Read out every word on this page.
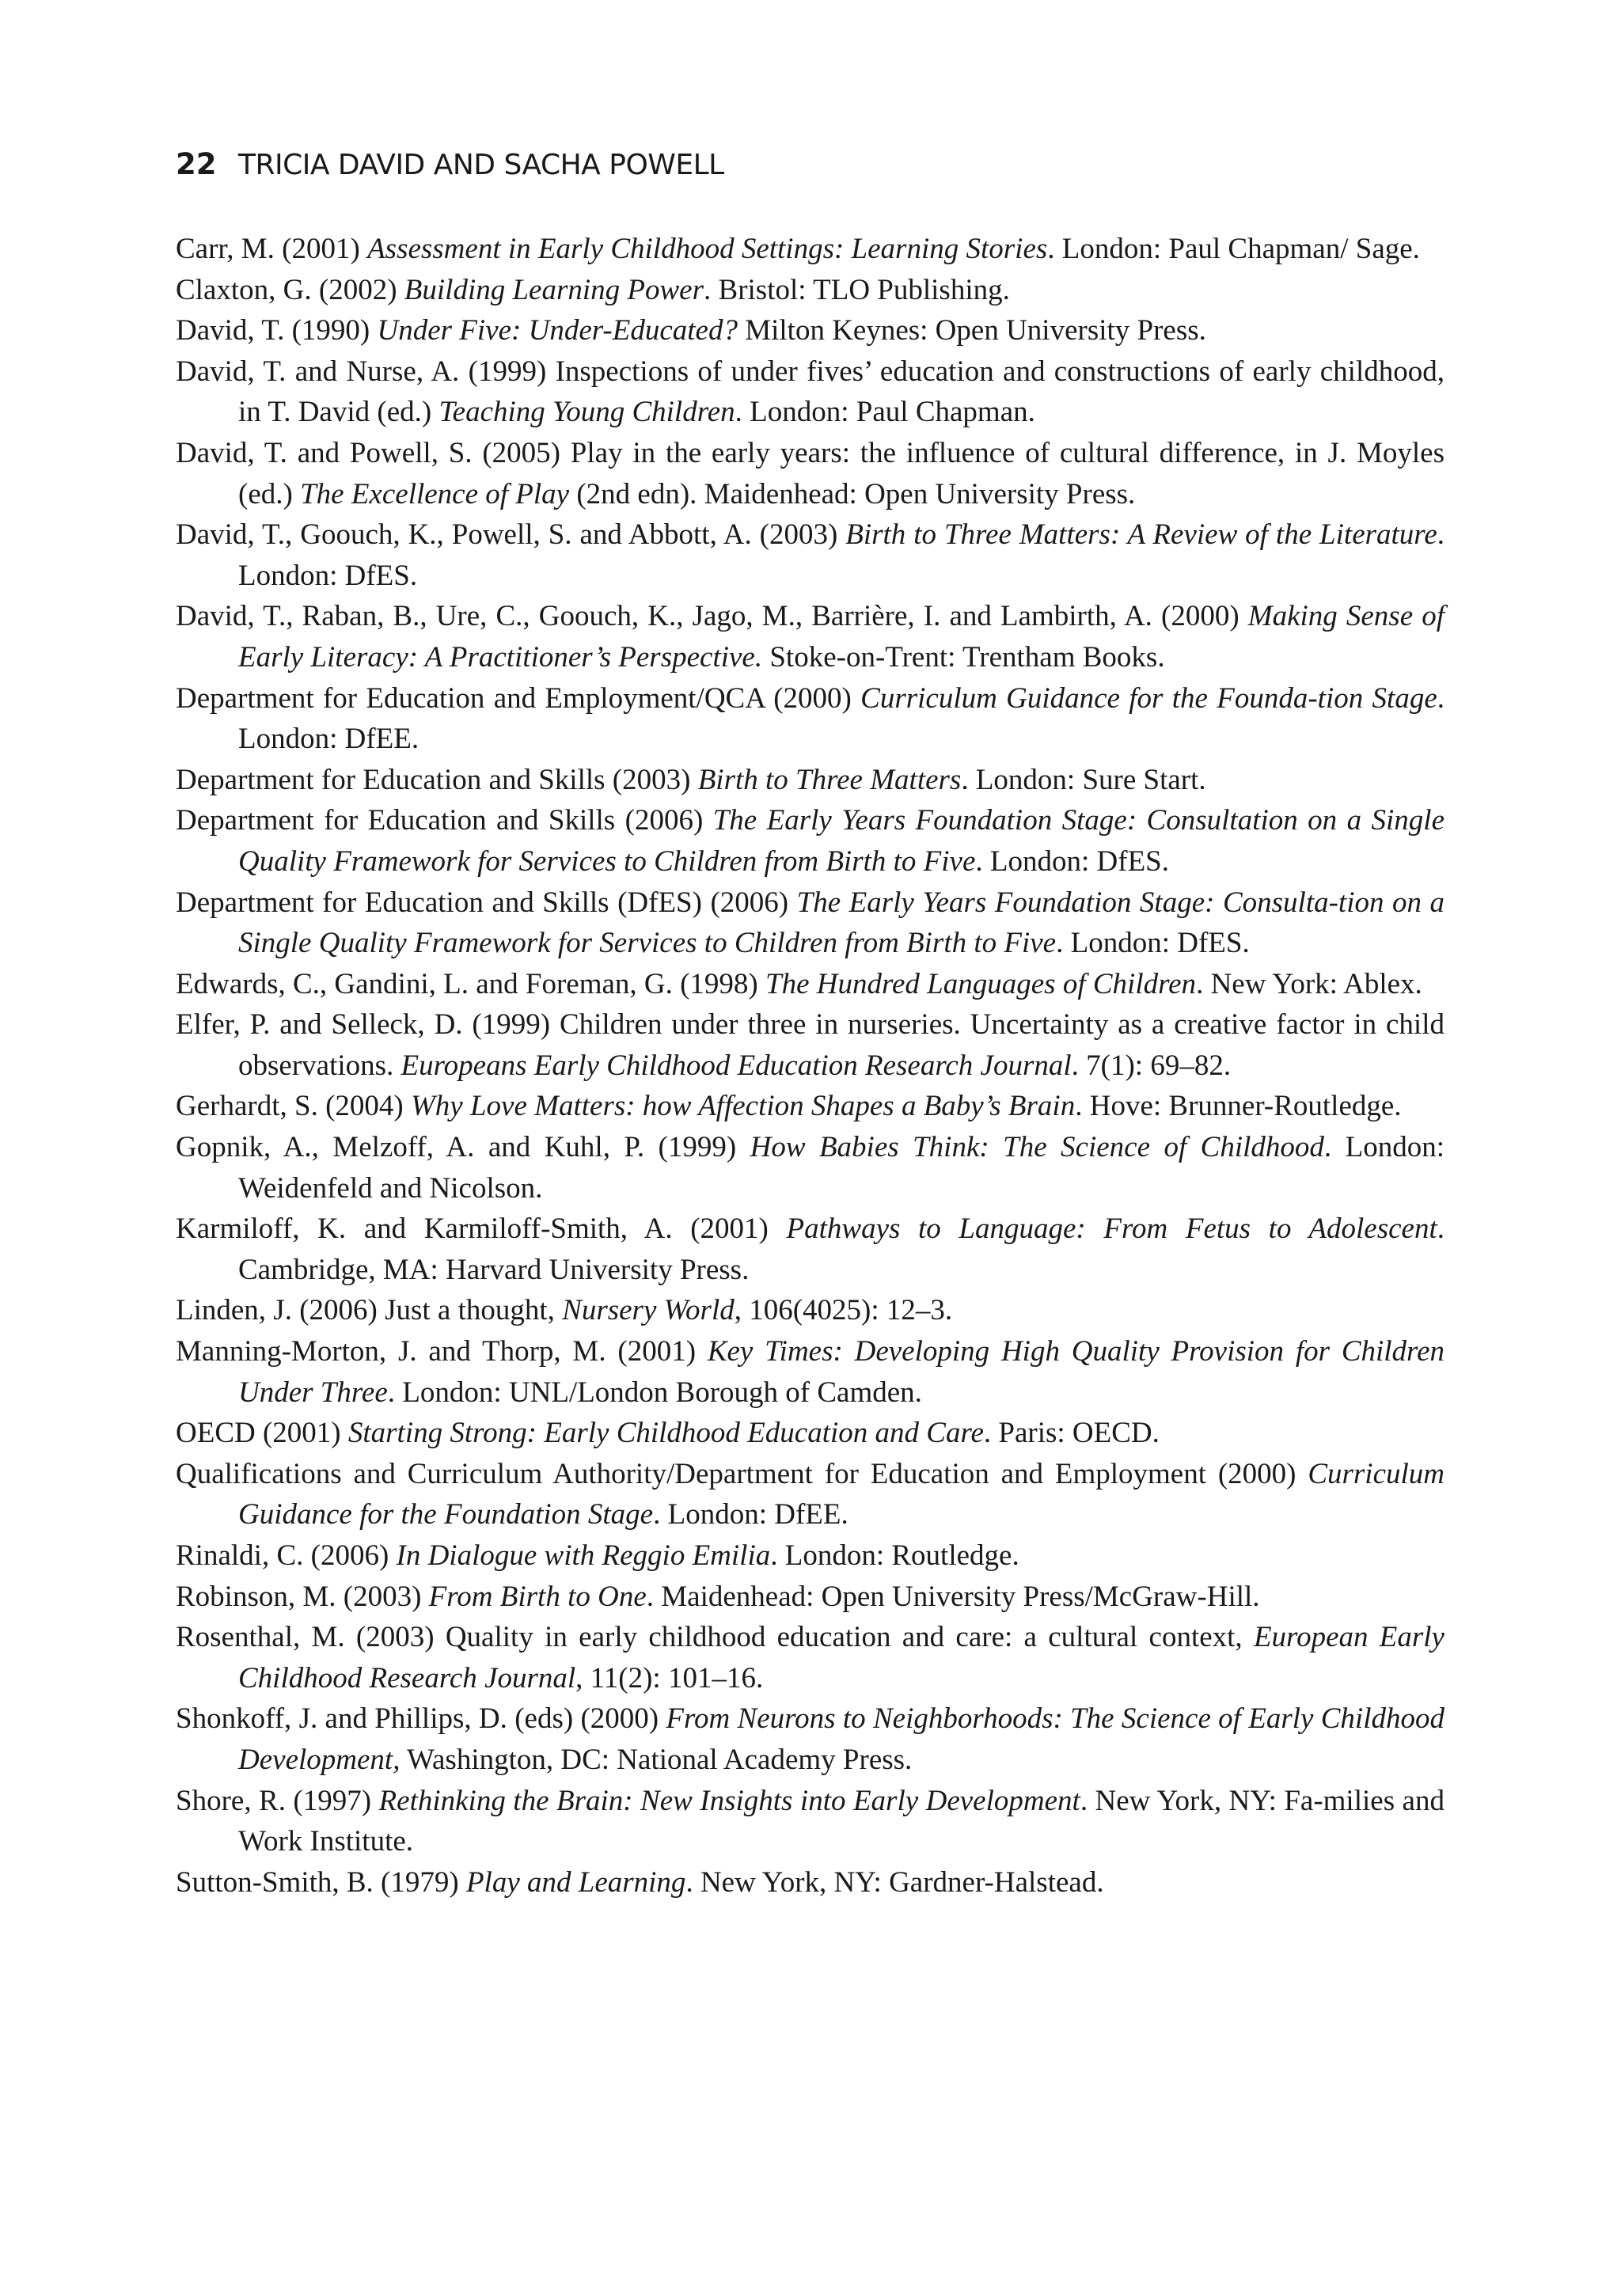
22 TRICIA DAVID AND SACHA POWELL

Carr, M. (2001) Assessment in Early Childhood Settings: Learning Stories. London: Paul Chapman/ Sage.

Claxton, G. (2002) Building Learning Power. Bristol: TLO Publishing.

David, T. (1990) Under Five: Under-Educated? Milton Keynes: Open University Press.

David, T. and Nurse, A. (1999) Inspections of under fives’ education and constructions of early childhood, in T. David (ed.) Teaching Young Children. London: Paul Chapman.

David, T. and Powell, S. (2005) Play in the early years: the influence of cultural difference, in J. Moyles (ed.) The Excellence of Play (2nd edn). Maidenhead: Open University Press.

David, T., Goouch, K., Powell, S. and Abbott, A. (2003) Birth to Three Matters: A Review of the Literature. London: DfES.

David, T., Raban, B., Ure, C., Goouch, K., Jago, M., Barrière, I. and Lambirth, A. (2000) Making Sense of Early Literacy: A Practitioner’s Perspective. Stoke-on-Trent: Trentham Books.

Department for Education and Employment/QCA (2000) Curriculum Guidance for the Founda-tion Stage. London: DfEE.

Department for Education and Skills (2003) Birth to Three Matters. London: Sure Start.

Department for Education and Skills (2006) The Early Years Foundation Stage: Consultation on a Single Quality Framework for Services to Children from Birth to Five. London: DfES.

Department for Education and Skills (DfES) (2006) The Early Years Foundation Stage: Consulta-tion on a Single Quality Framework for Services to Children from Birth to Five. London: DfES.

Edwards, C., Gandini, L. and Foreman, G. (1998) The Hundred Languages of Children. New York: Ablex.

Elfer, P. and Selleck, D. (1999) Children under three in nurseries. Uncertainty as a creative factor in child observations. Europeans Early Childhood Education Research Journal. 7(1): 69–82.

Gerhardt, S. (2004) Why Love Matters: how Affection Shapes a Baby’s Brain. Hove: Brunner-Routledge.

Gopnik, A., Melzoff, A. and Kuhl, P. (1999) How Babies Think: The Science of Childhood. London: Weidenfeld and Nicolson.

Karmiloff, K. and Karmiloff-Smith, A. (2001) Pathways to Language: From Fetus to Adolescent. Cambridge, MA: Harvard University Press.

Linden, J. (2006) Just a thought, Nursery World, 106(4025): 12–3.

Manning-Morton, J. and Thorp, M. (2001) Key Times: Developing High Quality Provision for Children Under Three. London: UNL/London Borough of Camden.

OECD (2001) Starting Strong: Early Childhood Education and Care. Paris: OECD.

Qualifications and Curriculum Authority/Department for Education and Employment (2000) Curriculum Guidance for the Foundation Stage. London: DfEE.

Rinaldi, C. (2006) In Dialogue with Reggio Emilia. London: Routledge.

Robinson, M. (2003) From Birth to One. Maidenhead: Open University Press/McGraw-Hill.

Rosenthal, M. (2003) Quality in early childhood education and care: a cultural context, European Early Childhood Research Journal, 11(2): 101–16.

Shonkoff, J. and Phillips, D. (eds) (2000) From Neurons to Neighborhoods: The Science of Early Childhood Development, Washington, DC: National Academy Press.

Shore, R. (1997) Rethinking the Brain: New Insights into Early Development. New York, NY: Fa-milies and Work Institute.

Sutton-Smith, B. (1979) Play and Learning. New York, NY: Gardner-Halstead.
